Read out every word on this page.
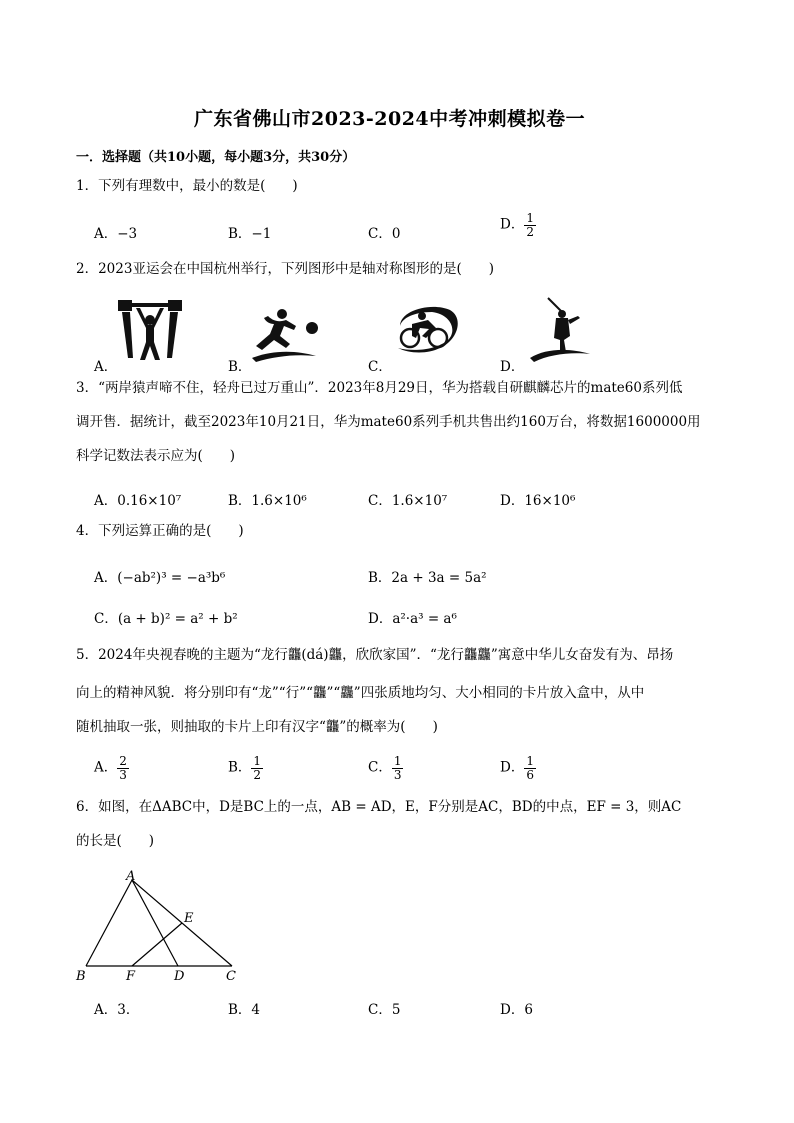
广东省佛山市2023-2024中考冲刺模拟卷一
一．选择题（共10小题，每小题3分，共30分）
1．下列有理数中，最小的数是(　　)
A．−3	B．−1	C．0
D． $\frac{1}{2}$
2．2023亚运会在中国杭州举行，下列图形中是轴对称图形的是(　　)
A．	B．	C．	D．
3．“两岸猿声啼不住，轻舟已过万重山”．2023年8月29日，华为搭载自研麒麟芯片的mate60系列低
调开售．据统计，截至2023年10月21日，华为mate60系列手机共售出约160万台，将数据1600000用
科学记数法表示应为(　　)
A．0.16×10⁷	B．1.6×10⁶	C．1.6×10⁷	D．16×10⁶
4．下列运算正确的是(　　)
A．(−ab²)³ = −a³b⁶	B．2a + 3a = 5a²
C．(a + b)² = a² + b²	D．a²·a³ = a⁶
5．2024年央视春晚的主题为“龙行龘(dá)龘，欣欣家国”．“龙行龘龘”寓意中华儿女奋发有为、昂扬
向上的精神风貌．将分别印有“龙”“行”“龘”“龘”四张质地均匀、大小相同的卡片放入盒中，从中
随机抽取一张，则抽取的卡片上印有汉字“龘”的概率为(　　)
A． $\frac{2}{3}$	B． $\frac{1}{2}$	C． $\frac{1}{3}$	D． $\frac{1}{6}$
6．如图，在ΔABC中，D是BC上的一点，AB = AD，E，F分别是AC，BD的中点，EF = 3，则AC
的长是(　　)
A
E
B	F	D	C
A．3．	B．4	C．5	D．6
